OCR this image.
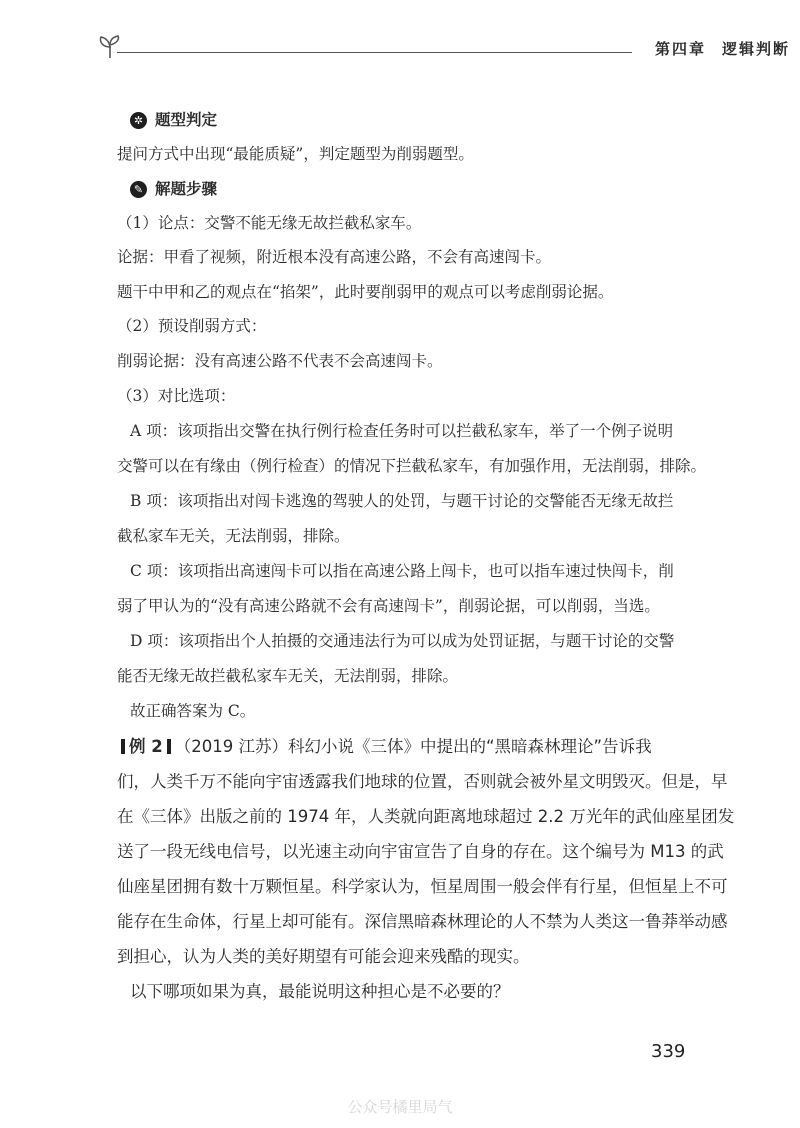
第四章 逻辑判断
✲ 题型判定
提问方式中出现“最能质疑”，判定题型为削弱题型。
✎ 解题步骤
（1）论点：交警不能无缘无故拦截私家车。
论据：甲看了视频，附近根本没有高速公路，不会有高速闯卡。
题干中甲和乙的观点在“掐架”，此时要削弱甲的观点可以考虑削弱论据。
（2）预设削弱方式：
削弱论据：没有高速公路不代表不会高速闯卡。
（3）对比选项：
A 项：该项指出交警在执行例行检查任务时可以拦截私家车，举了一个例子说明
交警可以在有缘由（例行检查）的情况下拦截私家车，有加强作用，无法削弱，排除。
B 项：该项指出对闯卡逃逸的驾驶人的处罚，与题干讨论的交警能否无缘无故拦
截私家车无关，无法削弱，排除。
C 项：该项指出高速闯卡可以指在高速公路上闯卡，也可以指车速过快闯卡，削
弱了甲认为的“没有高速公路就不会有高速闯卡”，削弱论据，可以削弱，当选。
D 项：该项指出个人拍摄的交通违法行为可以成为处罚证据，与题干讨论的交警
能否无缘无故拦截私家车无关，无法削弱，排除。
故正确答案为 C。
例 2 （2019 江苏）科幻小说《三体》中提出的“黑暗森林理论”告诉我
们，人类千万不能向宇宙透露我们地球的位置，否则就会被外星文明毁灭。但是，早
在《三体》出版之前的 1974 年，人类就向距离地球超过 2.2 万光年的武仙座星团发
送了一段无线电信号，以光速主动向宇宙宣告了自身的存在。这个编号为 M13 的武
仙座星团拥有数十万颗恒星。科学家认为，恒星周围一般会伴有行星，但恒星上不可
能存在生命体，行星上却可能有。深信黑暗森林理论的人不禁为人类这一鲁莽举动感
到担心，认为人类的美好期望有可能会迎来残酷的现实。
以下哪项如果为真，最能说明这种担心是不必要的？
339
公众号橘里局气
